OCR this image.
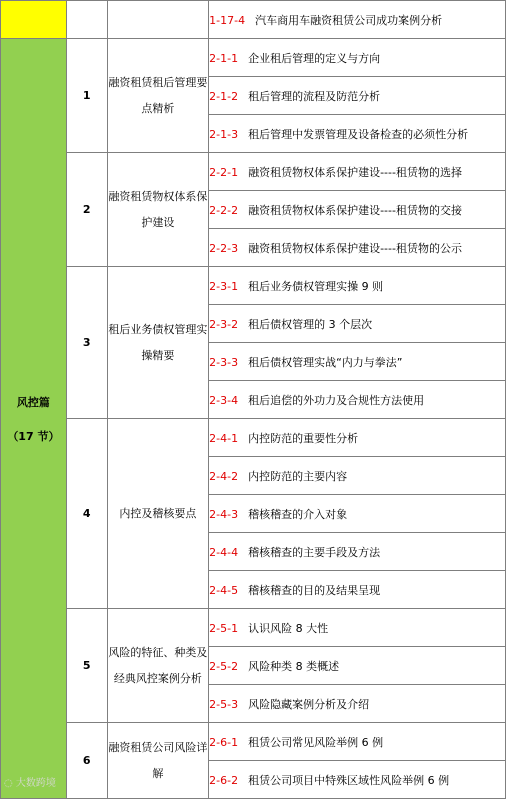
			1-17-4 汽车商用车融资租赁公司成功案例分析

风控篇
（17 节）	1	融资租赁租后管理要点精析	2-1-1 企业租后管理的定义与方向
			2-1-2 租后管理的流程及防范分析
			2-1-3 租后管理中发票管理及设备检查的必须性分析
	2	融资租赁物权体系保护建设	2-2-1 融资租赁物权体系保护建设----租赁物的选择
			2-2-2 融资租赁物权体系保护建设----租赁物的交接
			2-2-3 融资租赁物权体系保护建设----租赁物的公示
	3	租后业务债权管理实操精要	2-3-1 租后业务债权管理实操 9 则
			2-3-2 租后债权管理的 3 个层次
			2-3-3 租后债权管理实战“内力与拳法”
			2-3-4 租后追偿的外功力及合规性方法使用
	4	内控及稽核要点	2-4-1 内控防范的重要性分析
			2-4-2 内控防范的主要内容
			2-4-3 稽核稽查的介入对象
			2-4-4 稽核稽查的主要手段及方法
			2-4-5 稽核稽查的目的及结果呈现
	5	风险的特征、种类及经典风控案例分析	2-5-1 认识风险 8 大性
			2-5-2 风险种类 8 类概述
			2-5-3 风险隐藏案例分析及介绍
	6	融资租赁公司风险详解	2-6-1 租赁公司常见风险举例 6 例
			2-6-2 租赁公司项目中特殊区域性风险举例 6 例
◌ 大数跨境
